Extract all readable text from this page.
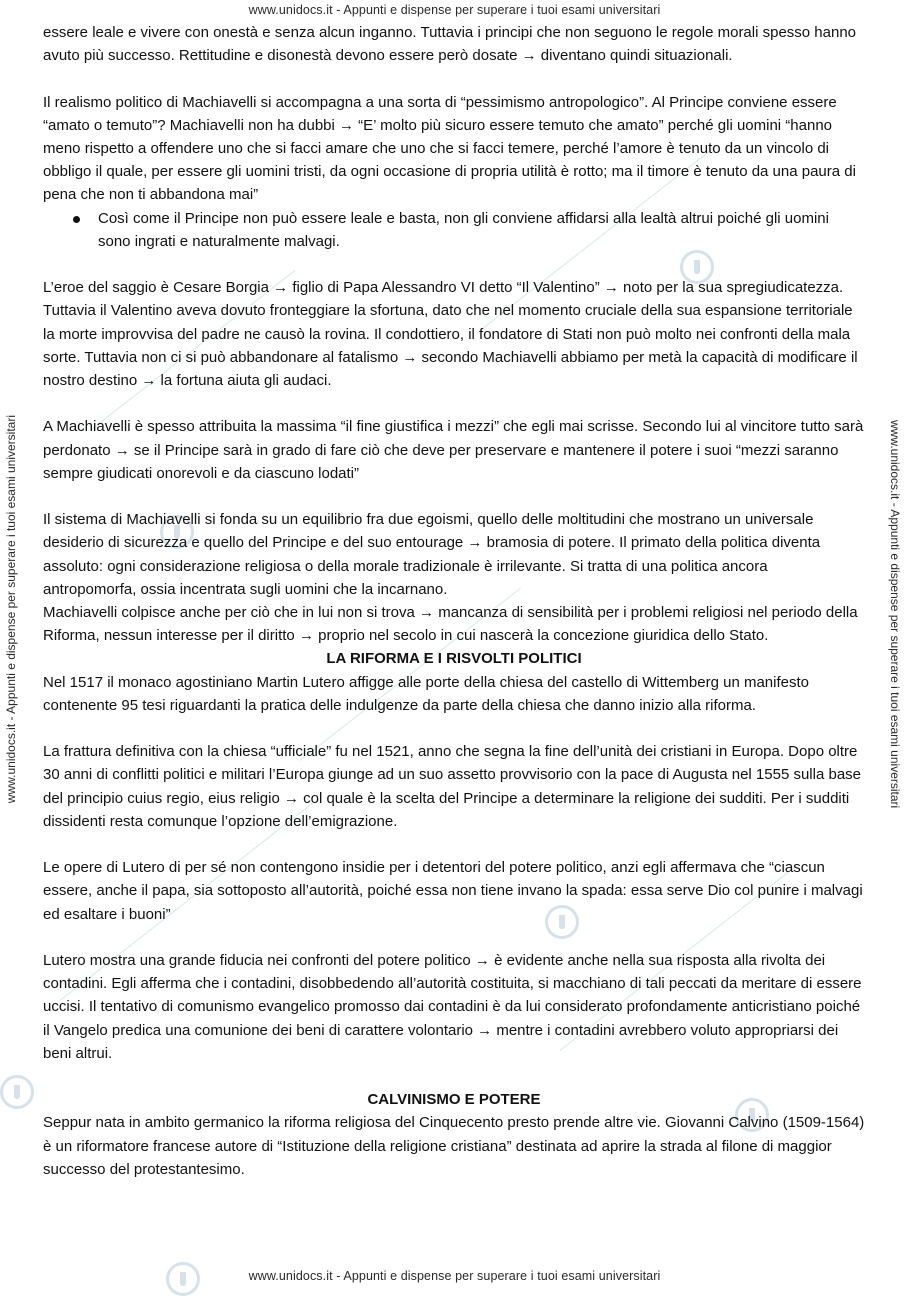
www.unidocs.it - Appunti e dispense per superare i tuoi esami universitari
www.unidocs.it - Appunti e dispense per superare i tuoi esami universitari
www.unidocs.it - Appunti e dispense per superare i tuoi esami universitari	www.unidocs.it - Appunti e dispense per superare i tuoi esami universitari

essere leale e vivere con onestà e senza alcun inganno. Tuttavia i principi che non seguono le regole morali spesso hanno avuto più successo. Rettitudine e disonestà devono essere però dosate → diventano quindi situazionali.

Il realismo politico di Machiavelli si accompagna a una sorta di “pessimismo antropologico”. Al Principe conviene essere “amato o temuto”? Machiavelli non ha dubbi → “E’ molto più sicuro essere temuto che amato” perché gli uomini “hanno meno rispetto a offendere uno che si facci amare che uno che si facci temere, perché l’amore è tenuto da un vincolo di obbligo il quale, per essere gli uomini tristi, da ogni occasione di propria utilità è rotto; ma il timore è tenuto da una paura di pena che non ti abbandona mai”

Così come il Principe non può essere leale e basta, non gli conviene affidarsi alla lealtà altrui poiché gli uomini sono ingrati e naturalmente malvagi.

L’eroe del saggio è Cesare Borgia → figlio di Papa Alessandro VI detto “Il Valentino” → noto per la sua spregiudicatezza. Tuttavia il Valentino aveva dovuto fronteggiare la sfortuna, dato che nel momento cruciale della sua espansione territoriale la morte improvvisa del padre ne causò la rovina. Il condottiero, il fondatore di Stati non può molto nei confronti della mala sorte. Tuttavia non ci si può abbandonare al fatalismo → secondo Machiavelli abbiamo per metà la capacità di modificare il nostro destino → la fortuna aiuta gli audaci.

A Machiavelli è spesso attribuita la massima “il fine giustifica i mezzi” che egli mai scrisse. Secondo lui al vincitore tutto sarà perdonato → se il Principe sarà in grado di fare ciò che deve per preservare e mantenere il potere i suoi “mezzi saranno sempre giudicati onorevoli e da ciascuno lodati”

Il sistema di Machiavelli si fonda su un equilibrio fra due egoismi, quello delle moltitudini che mostrano un universale desiderio di sicurezza e quello del Principe e del suo entourage → bramosia di potere. Il primato della politica diventa assoluto: ogni considerazione religiosa o della morale tradizionale è irrilevante. Si tratta di una politica ancora antropomorfa, ossia incentrata sugli uomini che la incarnano.

Machiavelli colpisce anche per ciò che in lui non si trova → mancanza di sensibilità per i problemi religiosi nel periodo della Riforma, nessun interesse per il diritto → proprio nel secolo in cui nascerà la concezione giuridica dello Stato.

LA RIFORMA E I RISVOLTI POLITICI

Nel 1517 il monaco agostiniano Martin Lutero affigge alle porte della chiesa del castello di Wittemberg un manifesto contenente 95 tesi riguardanti la pratica delle indulgenze da parte della chiesa che danno inizio alla riforma.

La frattura definitiva con la chiesa “ufficiale” fu nel 1521, anno che segna la fine dell’unità dei cristiani in Europa. Dopo oltre 30 anni di conflitti politici e militari l’Europa giunge ad un suo assetto provvisorio con la pace di Augusta nel 1555 sulla base del principio cuius regio, eius religio → col quale è la scelta del Principe a determinare la religione dei sudditi. Per i sudditi dissidenti resta comunque l’opzione dell’emigrazione.

Le opere di Lutero di per sé non contengono insidie per i detentori del potere politico, anzi egli affermava che “ciascun essere, anche il papa, sia sottoposto all’autorità, poiché essa non tiene invano la spada: essa serve Dio col punire i malvagi ed esaltare i buoni”

Lutero mostra una grande fiducia nei confronti del potere politico → è evidente anche nella sua risposta alla rivolta dei contadini. Egli afferma che i contadini, disobbedendo all’autorità costituita, si macchiano di tali peccati da meritare di essere uccisi. Il tentativo di comunismo evangelico promosso dai contadini è da lui considerato profondamente anticristiano poiché il Vangelo predica una comunione dei beni di carattere volontario → mentre i contadini avrebbero voluto appropriarsi dei beni altrui.

CALVINISMO E POTERE

Seppur nata in ambito germanico la riforma religiosa del Cinquecento presto prende altre vie. Giovanni Calvino (1509-1564) è un riformatore francese autore di “Istituzione della religione cristiana” destinata ad aprire la strada al filone di maggior successo del protestantesimo.
